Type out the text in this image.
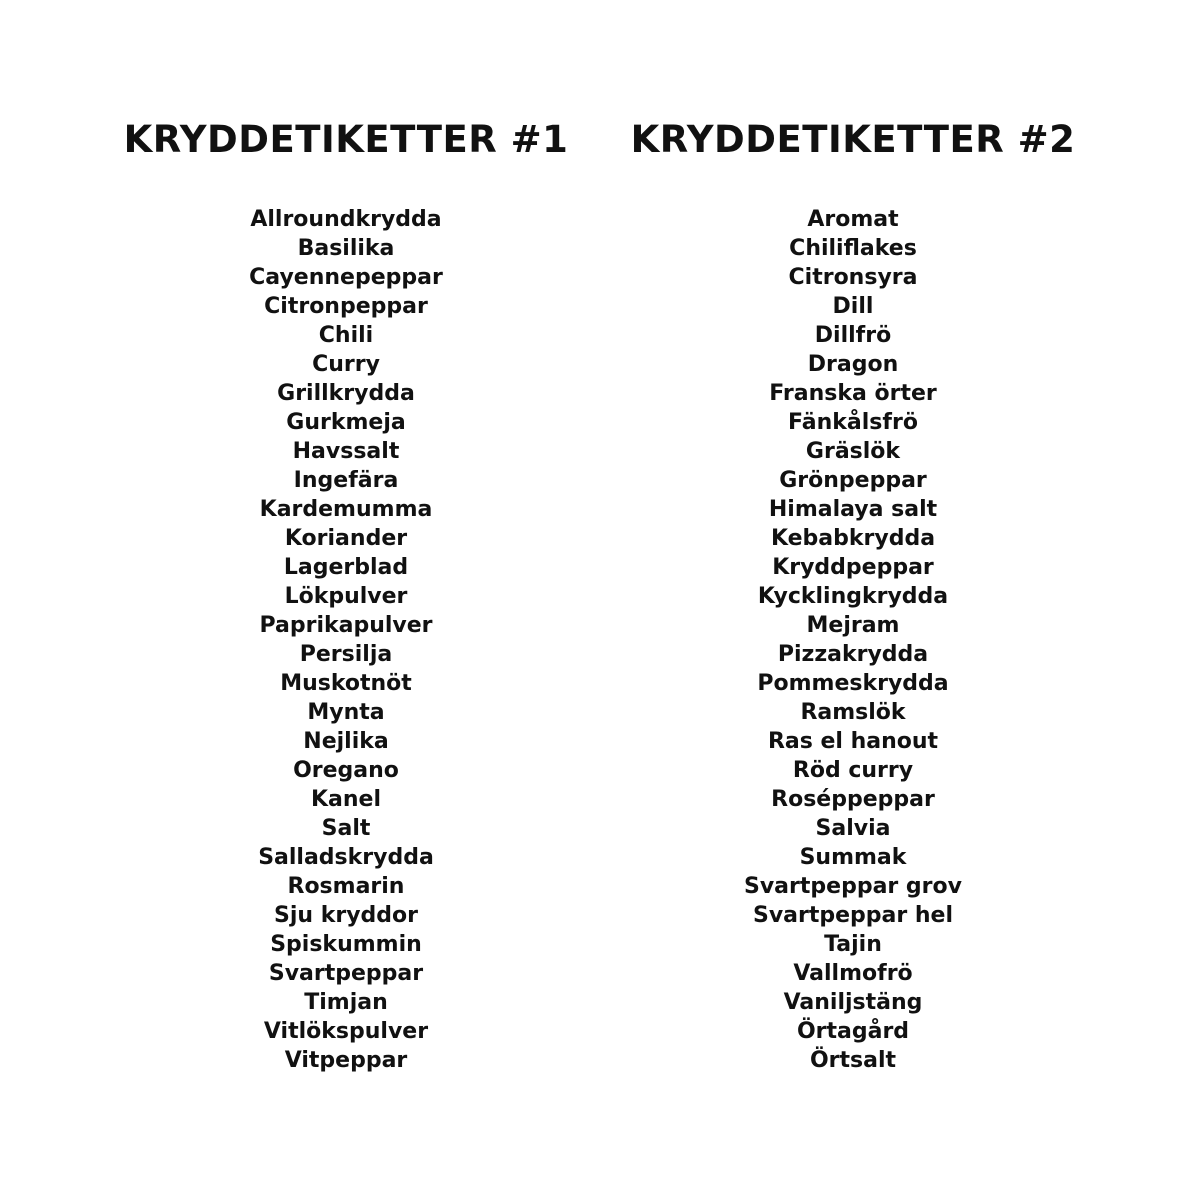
KRYDDETIKETTER #1
Allroundkrydda
Basilika
Cayennepeppar
Citronpeppar
Chili
Curry
Grillkrydda
Gurkmeja
Havssalt
Ingefära
Kardemumma
Koriander
Lagerblad
Lökpulver
Paprikapulver
Persilja
Muskotnöt
Mynta
Nejlika
Oregano
Kanel
Salt
Salladskrydda
Rosmarin
Sju kryddor
Spiskummin
Svartpeppar
Timjan
Vitlökspulver
Vitpeppar
KRYDDETIKETTER #2
Aromat
Chiliflakes
Citronsyra
Dill
Dillfrö
Dragon
Franska örter
Fänkålsfrö
Gräslök
Grönpeppar
Himalaya salt
Kebabkrydda
Kryddpeppar
Kycklingkrydda
Mejram
Pizzakrydda
Pommeskrydda
Ramslök
Ras el hanout
Röd curry
Roséppeppar
Salvia
Summak
Svartpeppar grov
Svartpeppar hel
Tajin
Vallmofrö
Vaniljstäng
Örtagård
Örtsalt
